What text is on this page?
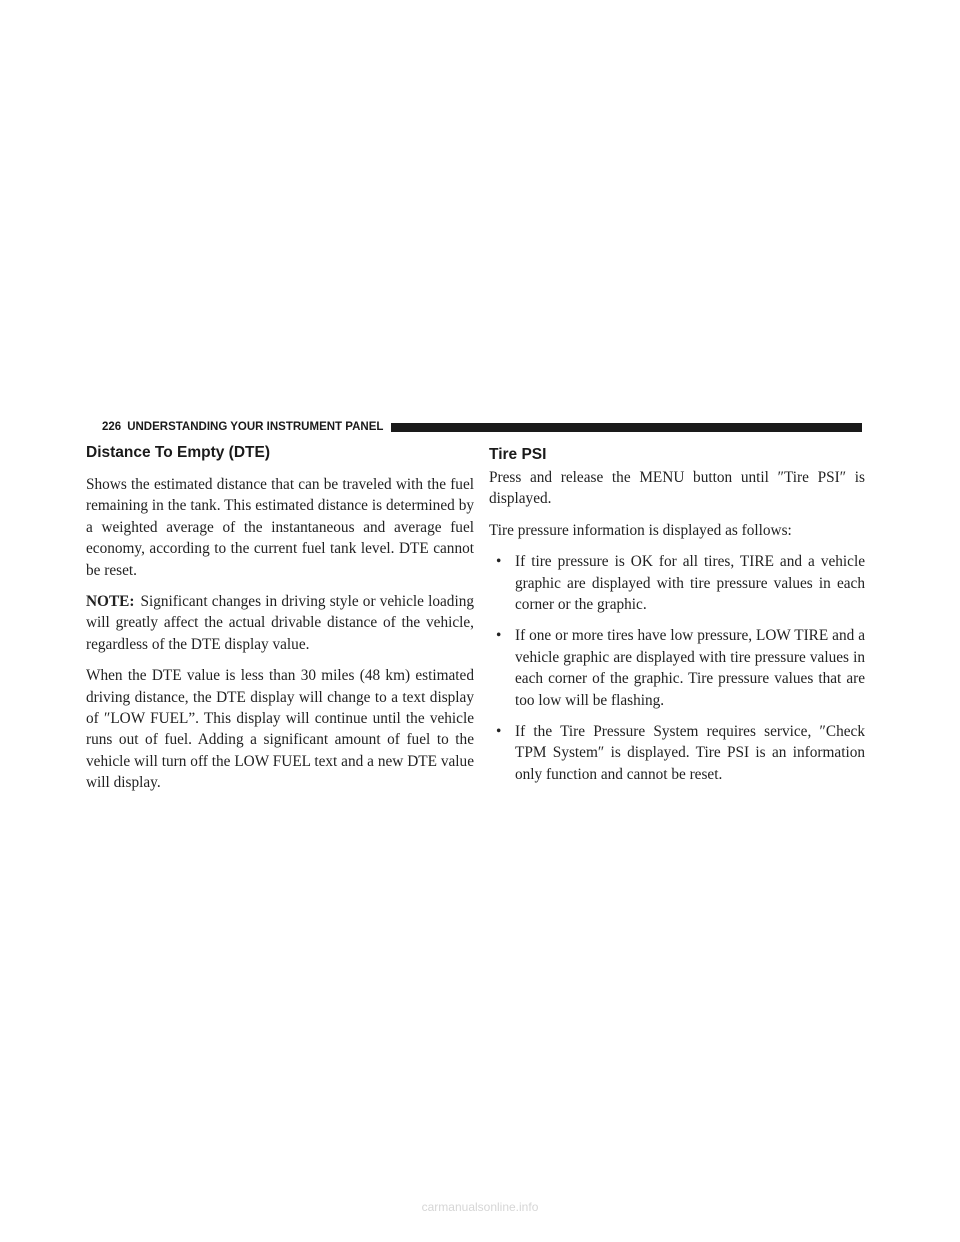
226 UNDERSTANDING YOUR INSTRUMENT PANEL
Distance To Empty (DTE)

Shows the estimated distance that can be traveled with the fuel remaining in the tank. This estimated distance is determined by a weighted average of the instantaneous and average fuel economy, according to the current fuel tank level. DTE cannot be reset.

NOTE: Significant changes in driving style or vehicle loading will greatly affect the actual drivable distance of the vehicle, regardless of the DTE display value.

When the DTE value is less than 30 miles (48 km) estimated driving distance, the DTE display will change to a text display of ″LOW FUEL”. This display will continue until the vehicle runs out of fuel. Adding a significant amount of fuel to the vehicle will turn off the LOW FUEL text and a new DTE value will display.

Tire PSI

Press and release the MENU button until ″Tire PSI″ is displayed.

Tire pressure information is displayed as follows:

• If tire pressure is OK for all tires, TIRE and a vehicle graphic are displayed with tire pressure values in each corner or the graphic.
• If one or more tires have low pressure, LOW TIRE and a vehicle graphic are displayed with tire pressure values in each corner of the graphic. Tire pressure values that are too low will be flashing.
• If the Tire Pressure System requires service, ″Check TPM System″ is displayed. Tire PSI is an information only function and cannot be reset.
carmanualsonline.info
